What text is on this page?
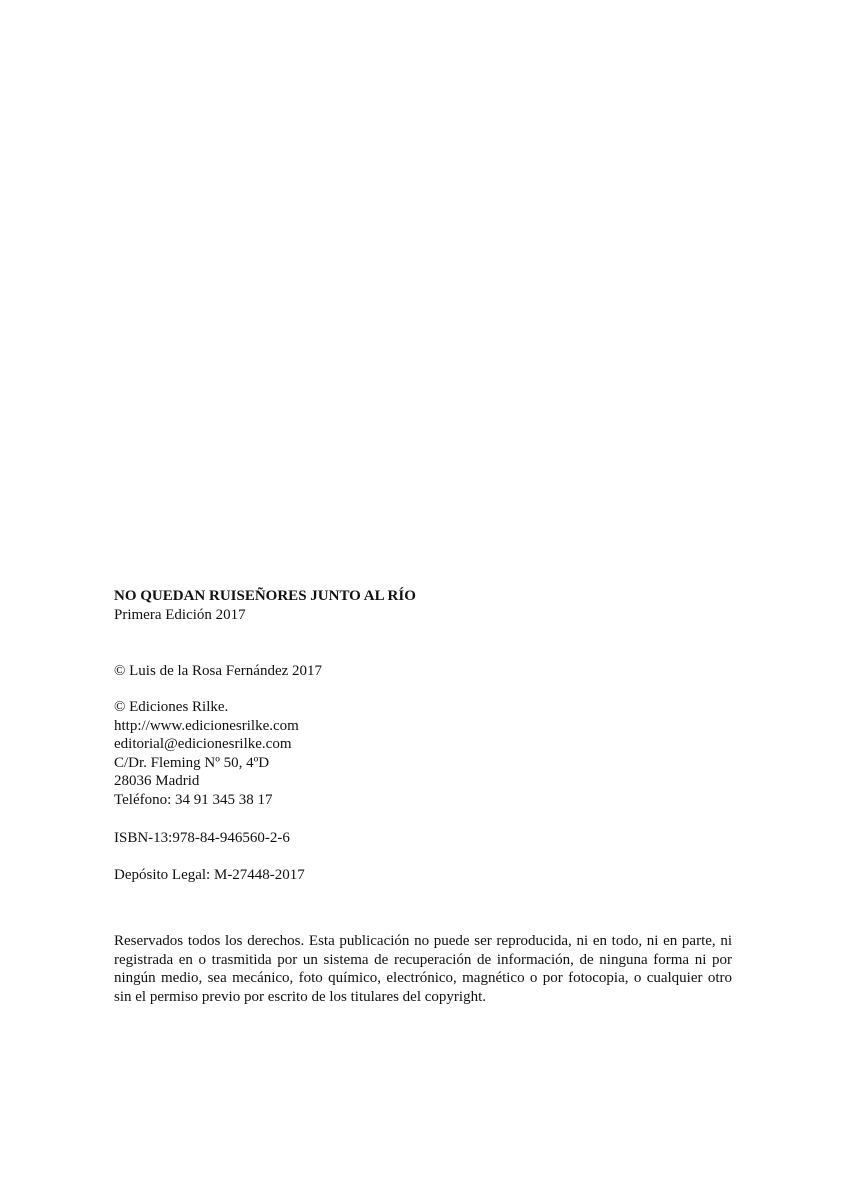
NO QUEDAN RUISEÑORES JUNTO AL RÍO
Primera Edición 2017
© Luis de la Rosa Fernández 2017
© Ediciones Rilke.
http://www.edicionesrilke.com
editorial@edicionesrilke.com
C/Dr. Fleming Nº 50, 4ºD
28036 Madrid
Teléfono: 34 91 345 38 17
ISBN-13:978-84-946560-2-6
Depósito Legal: M-27448-2017
Reservados todos los derechos. Esta publicación no puede ser reproducida, ni en todo, ni en parte, ni registrada en o trasmitida por un sistema de recuperación de información, de ninguna forma ni por ningún medio, sea mecánico, foto químico, electrónico, magnético o por fotocopia, o cualquier otro sin el permiso previo por escrito de los titulares del copyright.
